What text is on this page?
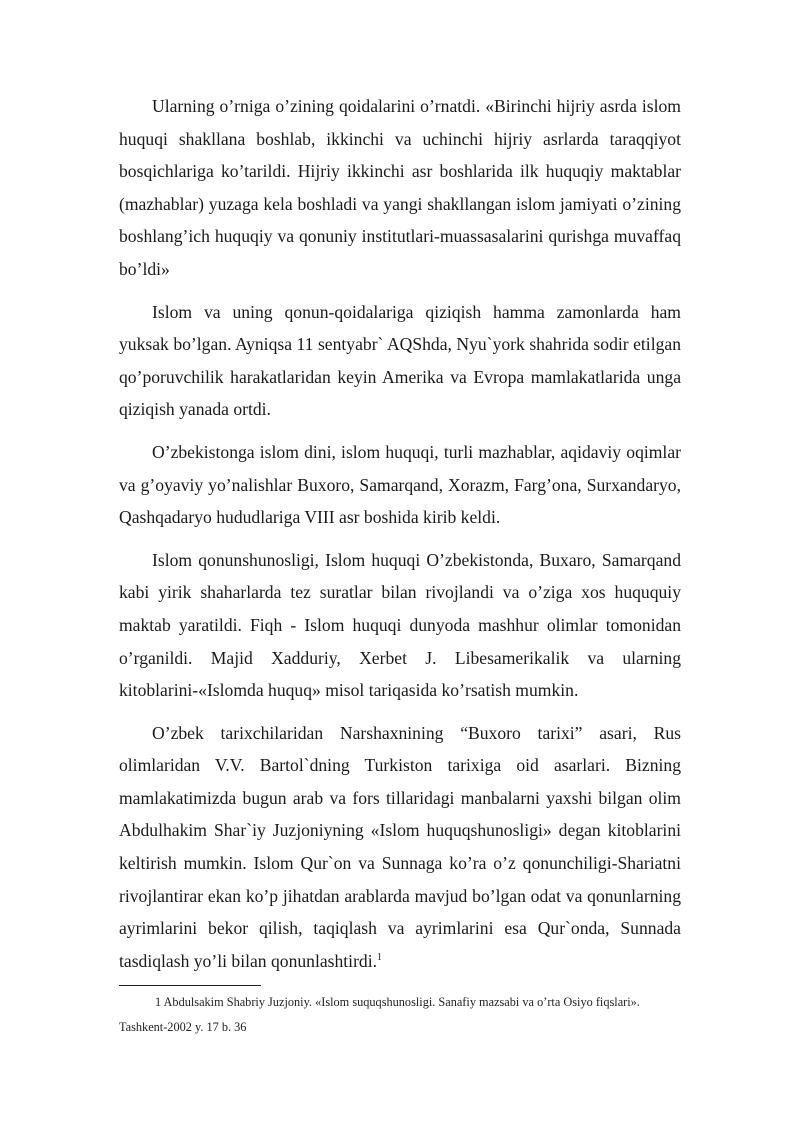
Ularning o’rniga o’zining qoidalarini o’rnatdi. «Birinchi hijriy asrda islom huquqi shakllana boshlab, ikkinchi va uchinchi hijriy asrlarda taraqqiyot bosqichlariga ko’tarildi. Hijriy ikkinchi asr boshlarida ilk huquqiy maktablar (mazhablar) yuzaga kela boshladi va yangi shakllangan islom jamiyati o’zining boshlang’ich huquqiy va qonuniy institutlari-muassasalarini qurishga muvaffaq bo’ldi»

Islom va uning qonun-qoidalariga qiziqish hamma zamonlarda ham yuksak bo’lgan. Ayniqsa 11 sentyabr` AQShda, Nyu`york shahrida sodir etilgan qo’poruvchilik harakatlaridan keyin Amerika va Evropa mamlakatlarida unga qiziqish yanada ortdi.

O’zbekistonga islom dini, islom huquqi, turli mazhablar, aqidaviy oqimlar va g’oyaviy yo’nalishlar Buxoro, Samarqand, Xorazm, Farg’ona, Surxandaryo, Qashqadaryo hududlariga VIII asr boshida kirib keldi.

Islom qonunshunosligi, Islom huquqi O’zbekistonda, Buxaro, Samarqand kabi yirik shaharlarda tez suratlar bilan rivojlandi va o’ziga xos huququiy maktab yaratildi. Fiqh - Islom huquqi dunyoda mashhur olimlar tomonidan o’rganildi. Majid Xadduriy, Xerbet J. Libesamerikalik va ularning kitoblarini-«Islomda huquq» misol tariqasida ko’rsatish mumkin.

O’zbek tarixchilaridan Narshaxnining “Buxoro tarixi” asari, Rus olimlaridan V.V. Bartol`dning Turkiston tarixiga oid asarlari. Bizning mamlakatimizda bugun arab va fors tillaridagi manbalarni yaxshi bilgan olim Abdulhakim Shar`iy Juzjoniyning «Islom huquqshunosligi» degan kitoblarini keltirish mumkin. Islom Qur`on va Sunnaga ko’ra o’z qonunchiligi-Shariatni rivojlantirar ekan ko’p jihatdan arablarda mavjud bo’lgan odat va qonunlarning ayrimlarini bekor qilish, taqiqlash va ayrimlarini esa Qur`onda, Sunnada tasdiqlash yo’li bilan qonunlashtirdi.$^1$

1 Abdulsakim Shabriy Juzjoniy. «Islom suquqshunosligi. Sanafiy mazsabi va o’rta Osiyo fiqslari».
Tashkent-2002 y. 17 b. 36
